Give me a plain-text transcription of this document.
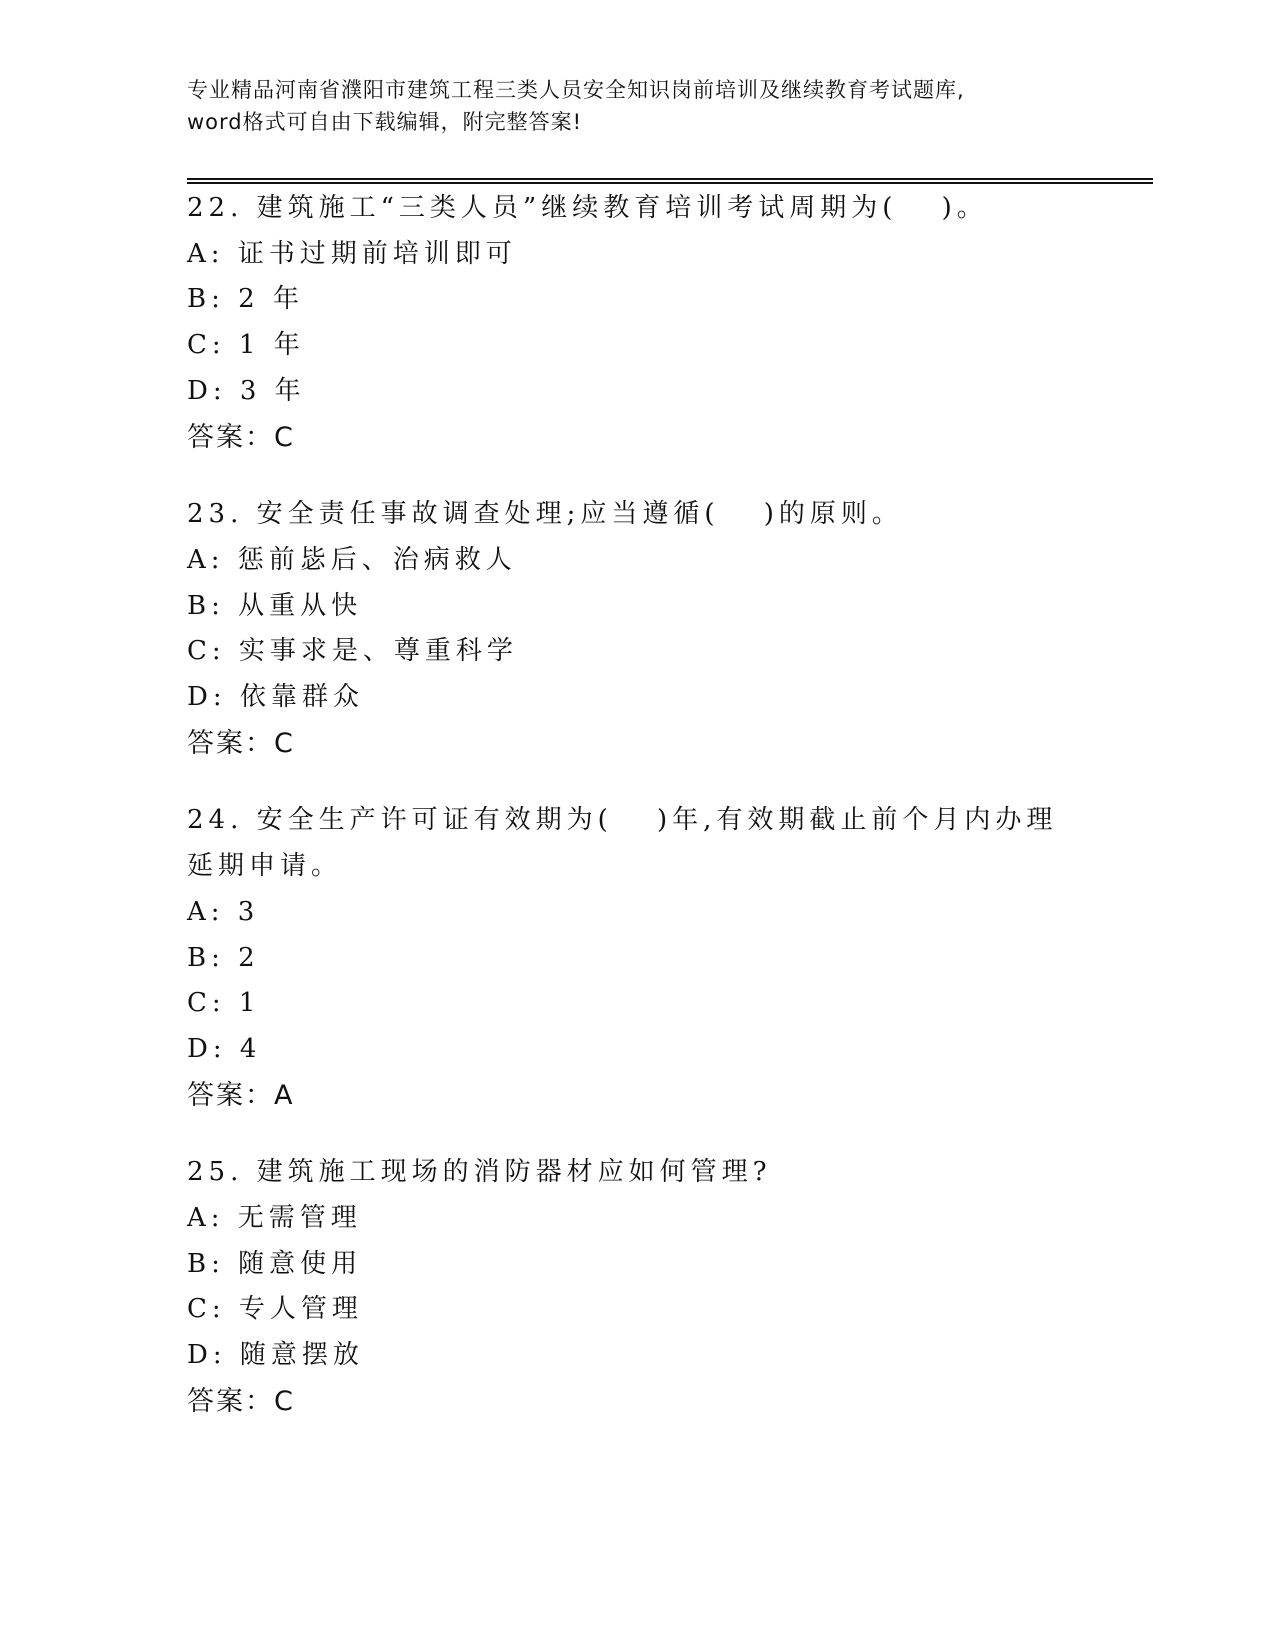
专业精品河南省濮阳市建筑工程三类人员安全知识岗前培训及继续教育考试题库,
word格式可自由下载编辑，附完整答案!
22. 建筑施工“三类人员”继续教育培训考试周期为(　 )。
A: 证书过期前培训即可
B: 2 年
C: 1 年
D: 3 年
答案：C
23. 安全责任事故调查处理;应当遵循(　 )的原则。
A: 惩前毖后、治病救人
B: 从重从快
C: 实事求是、尊重科学
D: 依靠群众
答案：C
24. 安全生产许可证有效期为(　 )年,有效期截止前个月内办理延期申请。
A: 3
B: 2
C: 1
D: 4
答案：A
25. 建筑施工现场的消防器材应如何管理?
A: 无需管理
B: 随意使用
C: 专人管理
D: 随意摆放
答案：C
